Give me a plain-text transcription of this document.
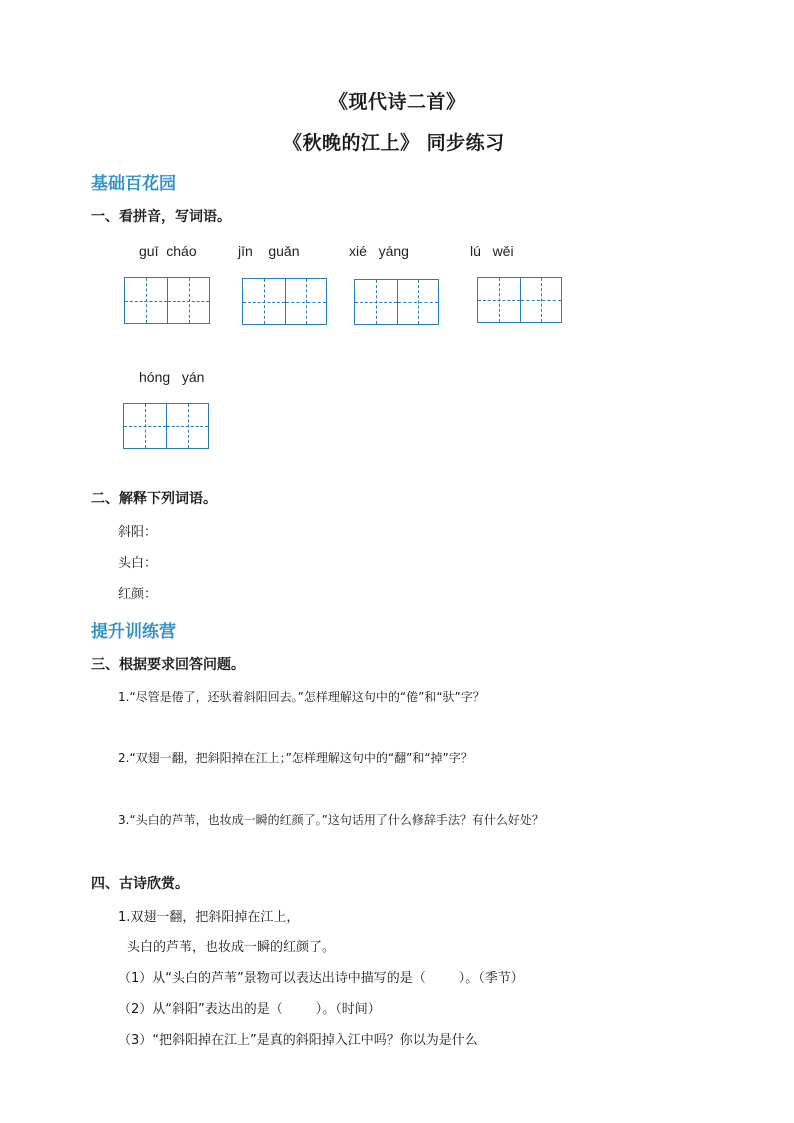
《现代诗二首》
《秋晚的江上》 同步练习
基础百花园
一、看拼音，写词语。
guī  cháo	jīn    guǎn	xié   yáng	lú   wěi
hóng   yán
二、解释下列词语。
斜阳：
头白：
红颜：
提升训练营
三、根据要求回答问题。
1.“尽管是倦了，还驮着斜阳回去。”怎样理解这句中的“倦”和“驮”字？
2.“双翅一翻，把斜阳掉在江上；”怎样理解这句中的“翻”和“掉”字？
3.“头白的芦苇，也妆成一瞬的红颜了。”这句话用了什么修辞手法？有什么好处？
四、古诗欣赏。
1.双翅一翻，把斜阳掉在江上，
头白的芦苇，也妆成一瞬的红颜了。
（1）从“头白的芦苇”景物可以表达出诗中描写的是（        ）。（季节）
（2）从“斜阳”表达出的是（        ）。（时间）
（3）“把斜阳掉在江上”是真的斜阳掉入江中吗？你以为是什么
